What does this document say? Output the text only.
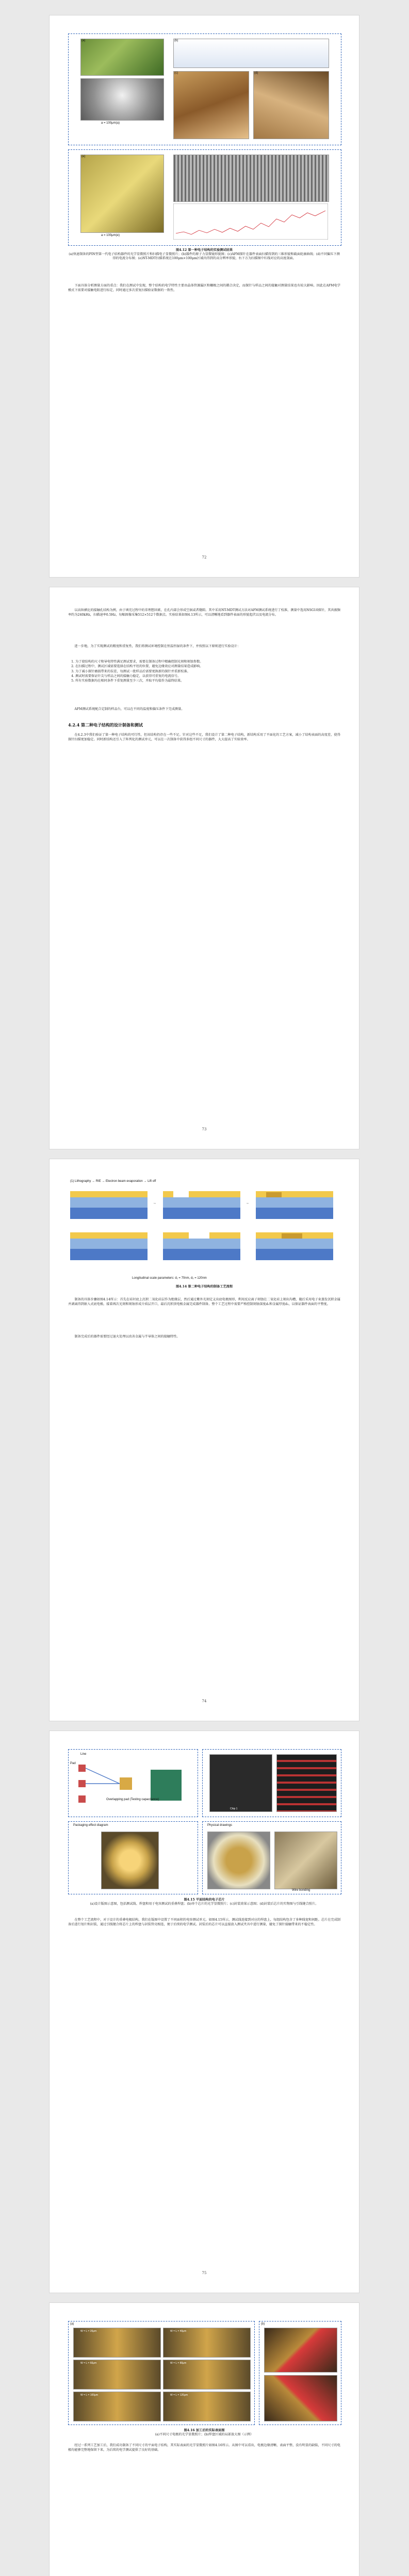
(a)
a = 100μm(a)
(b)
(c)	(d)
(e)
a = 100μm(e)
图4.12 第一种电子结构的实验测试结果
(a)快速制备的PIN型第一代电子结构器件的光学显微照片和扫描电子显微照片；(b)器件的原子力显微镜形貌图；(c)AFM探针在器件表面扫描得到的三维形貌和截面轮廓曲线；(d)不同偏压下测得的电流分布图；(e)NT-MDT扫描系统在100μm×100μm区域内得到的高分辨率形貌，右下方为扫描图中红线对应的高度剖面。
下面具体分析测量方面的重点：我们在测试中发现，整个结构的电学特性主要由晶体管源漏区和栅极之间的耦合决定，而探针与样品之间的接触对测量结果也有较大影响。因此在AFM电学模式下需要对接触电阻进行标定，同时通过多次重复扫描验证数据的一致性。
72
以高纵横比的接触孔结构为例，由于填充过程中的非理想因素，在孔内部会形成空洞或者缝隙。其中采用NT-MDT测试方法对AFM测试系统进行了校准，测量中选用NSG10探针，其共振频率约为240kHz，扫描速率0.5Hz，每幅图像采集512×512个数据点。实验结果如图4.13所示，可以清晰地看到器件表面的形貌起伏以及电流分布。
进一步地，为了实现测试的精度和重复性，我们将测试环境控制在恒温恒湿的条件下，并按照以下原则进行实验设计：
1. 为了使结构的尺寸和导电特性满足测试要求，需要在制备过程中精确控制光刻和刻蚀参数。
2. 在扫描过程中，测试区域需要选择在结构平坦的位置，避免边缘效应对测量结果造成影响。
3. 为了减小探针磨损带来的误差，每测试一批样品后需要更换新的探针并重新校准。
4. 测试时需要保证针尖与样品之间的接触力稳定，以获得可重复的电流信号。
5. 所有实验数据均在相同条件下重复测量至少三次，并取平均值作为最终结果。
AFM测试系统配合定制的样品台，可以在不同的温度和偏压条件下完成测量。
4.2.4 第二种电子结构的设计制备和测试
在4.2.3中我们验证了第一种电子结构的可行性，但该结构仍存在一些不足。针对这些不足，我们设计了第二种电子结构，新结构采用了平面化的工艺方案，减小了结构表面的高度差，使得探针扫描更加稳定。同时新结构还引入了阵列化的测试单元，可以在一次制备中获得多组不同尺寸的器件，大大提高了实验效率。
73
(1) Lithography → RIE → Electron beam evaporation → Lift off
→	→
Longitudinal scale parameters: d₁ = 70nm, d₂ = 120nm
图4.14 第二种电子结构的制备工艺流程
制备的具体步骤如图4.14所示：首先在硅衬底上沉积二氧化硅层作为绝缘层，然后通过紫外光刻定义出底电极图形，利用反应离子刻蚀在二氧化硅上刻出沟槽，随后采用电子束蒸发沉积金属并剥离得到嵌入式底电极。接着再次光刻和刻蚀形成介质层开口，最后沉积顶电极金属完成器件制备。整个工艺过程中需要严格控制刻蚀深度d₁和金属厚度d₂，以保证器件表面的平整度。
制备完成后的器件需要经过退火处理以改善金属与半导体之间的接触特性。
74
Line
Pad
Overlapping pad (Testing capacitance)
Chip 1
Packaging effect diagram	Physical drawings
Wire bonding
图4.15 平面结构的电子芯片
(a)设计版图示意图，包括测试线、焊盘和用于电容测试的重叠焊盘；(b)单个芯片的光学显微照片；(c)封装效果示意图；(d)封装后芯片的实物图与引线键合照片。
在整个工艺流程中，对于设计的重叠电极结构，我们在版图中设置了不同面积的电容测试单元。如图4.15所示，测试线连接到对应的焊盘上，每组结构包含了多种线宽和间距。芯片在完成制备后进行划片和封装，通过引线键合将芯片上的焊盘与封装管壳相连，便于后续的电学测试。封装后的芯片可以直接放入测试夹具中进行测量，避免了探针接触带来的不稳定性。
75
(a)
W = L = 20μm	W = L = 40μm
W = L = 60μm	W = L = 80μm
W = L = 100μm	W = L = 120μm
(b)
图4.16 加工后的实际表面图
(a)不同尺寸电极的光学显微照片；(b)焊盘区域的局部放大图（示例）
经过一系列工艺加工后，我们成功制备了不同尺寸的平面电子结构，其实际表面的光学显微照片如图4.16所示。从图中可以看出，电极边缘清晰，表面平整，没有明显的缺陷，不同尺寸的电极均能够完整地保留下来，为后续的电学测试提供了良好的基础。
